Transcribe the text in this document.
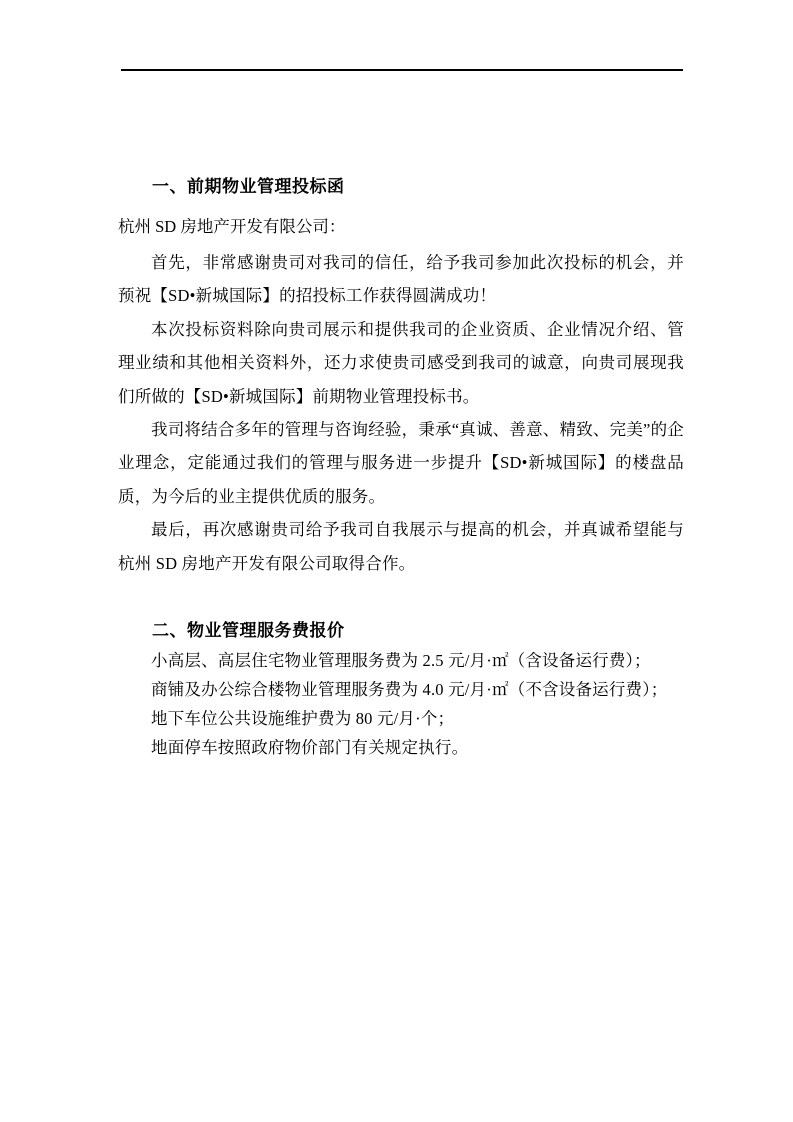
一、前期物业管理投标函

杭州 SD 房地产开发有限公司：

首先，非常感谢贵司对我司的信任，给予我司参加此次投标的机会，并预祝【SD•新城国际】的招投标工作获得圆满成功！

本次投标资料除向贵司展示和提供我司的企业资质、企业情况介绍、管理业绩和其他相关资料外，还力求使贵司感受到我司的诚意，向贵司展现我们所做的【SD•新城国际】前期物业管理投标书。

我司将结合多年的管理与咨询经验，秉承“真诚、善意、精致、完美”的企业理念，定能通过我们的管理与服务进一步提升【SD•新城国际】的楼盘品质，为今后的业主提供优质的服务。

最后，再次感谢贵司给予我司自我展示与提高的机会，并真诚希望能与杭州 SD 房地产开发有限公司取得合作。

二、物业管理服务费报价

小高层、高层住宅物业管理服务费为 2.5 元/月·㎡（含设备运行费）；

商铺及办公综合楼物业管理服务费为 4.0 元/月·㎡（不含设备运行费）；

地下车位公共设施维护费为 80 元/月·个；

地面停车按照政府物价部门有关规定执行。
